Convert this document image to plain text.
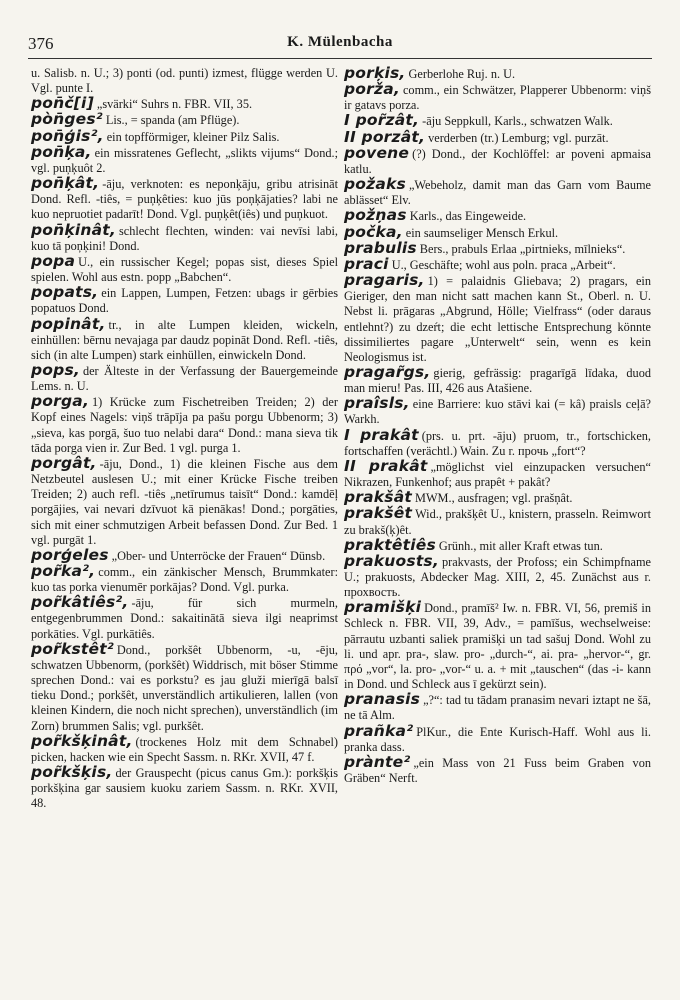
376	K. Mülenbacha
u. Salisb. n. U.; 3) ponti (od. punti) izmest, flügge werden U. Vgl. punte I.
pon̄č[i] „svärki“ Suhrs n. FBR. VII, 35.
pòn̄ges² Lis., = spanda (am Pflüge).
pon̄ģis², ein topfförmiger, kleiner Pilz Salis.
pon̄ķa, ein missratenes Geflecht, „slikts vijums“ Dond.; vgl. puņķuôt 2.
pon̄ķât, -āju, verknoten: es neponķāju, gribu atrisināt Dond. Refl. -tiês, = puņķêties: kuo jūs poņķājaties? labi ne kuo nepruotiet padarīt! Dond. Vgl. puņķêt(iês) und puņkuot.
pon̄ķinât, schlecht flechten, winden: vai nevīsi labi, kuo tā poņķini! Dond.
popa U., ein russischer Kegel; popas sist, dieses Spiel spielen. Wohl aus estn. popp „Babchen“.
popats, ein Lappen, Lumpen, Fetzen: ubags ir gērbies popatuos Dond.
popinât, tr., in alte Lumpen kleiden, wickeln, einhüllen: bērnu nevajaga par daudz popināt Dond. Refl. -tiês, sich (in alte Lumpen) stark einhüllen, einwickeln Dond.
pops, der Älteste in der Verfassung der Bauergemeinde Lems. n. U.
porga, 1) Krücke zum Fischetreiben Treiden; 2) der Kopf eines Nagels: viņš trāpīja pa pašu porgu Ubbenorm; 3) „sieva, kas porgā, šuo tuo nelabi dara“ Dond.: mana sieva tik tāda porga vien ir. Zur Bed. 1 vgl. purga 1.
porgât, -āju, Dond., 1) die kleinen Fische aus dem Netzbeutel auslesen U.; mit einer Krücke Fische treiben Treiden; 2) auch refl. -tiês „netīrumus taisīt“ Dond.: kamdēļ porgājies, vai nevari dzīvuot kā pienākas! Dond.; porgāties, sich mit einer schmutzigen Arbeit befassen Dond. Zur Bed. 1 vgl. purgāt 1.
porģeles „Ober- und Unterröcke der Frauen“ Dünsb.
por̃ka², comm., ein zänkischer Mensch, Brummkater: kuo tas porka vienumēr porkājas? Dond. Vgl. purka.
por̃kâtiês², -āju, für sich murmeln, entgegenbrummen Dond.: sakaitinātā sieva ilgi neaprimst porkāties. Vgl. purkātiês.
por̃kstêt² Dond., porkšêt Ubbenorm, -u, -ēju, schwatzen Ubbenorm, (porkšêt) Widdrisch, mit böser Stimme sprechen Dond.: vai es porkstu? es jau gluži mierīgā balsī tieku Dond.; porkšêt, unverständlich artikulieren, lallen (von kleinen Kindern, die noch nicht sprechen), unverständlich (im Zorn) brummen Salis; vgl. purkšêt.
por̃kšķinât, (trockenes Holz mit dem Schnabel) picken, hacken wie ein Specht Sassm. n. RKr. XVII, 47 f.
por̃kšķis, der Grauspecht (picus canus Gm.): porkšķis porkšķina gar sausiem kuoku zariem Sassm. n. RKr. XVII, 48.
porķis, Gerberlohe Ruj. n. U.
porža, comm., ein Schwätzer, Plapperer Ubbenorm: viņš ir gatavs porza.
I por̃zât, -āju Seppkull, Karls., schwatzen Walk.
II porzât, verderben (tr.) Lemburg; vgl. purzāt.
povene (?) Dond., der Kochlöffel: ar poveni apmaisa katlu.
požaks „Webeholz, damit man das Garn vom Baume ablässet“ Elv.
požņas Karls., das Eingeweide.
počka, ein saumseliger Mensch Erkul.
prabulis Bers., prabuls Erlaa „pirtnieks, mīlnieks“.
praci U., Geschäfte; wohl aus poln. praca „Arbeit“.
pragaris, 1) = palaidnis Gliebava; 2) pragars, ein Gieriger, den man nicht satt machen kann St., Oberl. n. U. Nebst li. prāgaras „Abgrund, Hölle; Vielfrass“ (oder daraus entlehnt?) zu dzeŕt; die echt lettische Entsprechung könnte dissimiliertes pagare „Unterwelt“ sein, wenn es kein Neologismus ist.
pragar̃gs, gierig, gefrässig: pragarīgā līdaka, duod man mieru! Pas. III, 426 aus Atašiene.
praîsls, eine Barriere: kuo stāvi kai (= kâ) praisls ceļā? Warkh.
I prakât (prs. u. prt. -āju) pruom, tr., fortschicken, fortschaffen (verächtl.) Wain. Zu r. прочь „fort“?
II prakât „möglichst viel einzupacken versuchen“ Nikrazen, Funkenhof; aus prapêt + pakât?
prakšât MWM., ausfragen; vgl. prašņât.
prakšêt Wid., prakšķêt U., knistern, prasseln. Reimwort zu brakš(ķ)êt.
praktêtiês Grünh., mit aller Kraft etwas tun.
prakuosts, prakvasts, der Profoss; ein Schimpfname U.; prakuosts, Abdecker Mag. XIII, 2, 45. Zunächst aus r. прохвость.
pramišķi Dond., pramīš² Iw. n. FBR. VI, 56, premiš in Schleck n. FBR. VII, 39, Adv., = pamīšus, wechselweise: pārrautu uzbanti saliek pramišķi un tad sašuj Dond. Wohl zu li. und apr. pra-, slaw. pro- „durch-“, ai. pra- „hervor-“, gr. πρό „vor“, la. pro- „vor-“ u. a. + mit „tauschen“ (das -i- kann in Dond. und Schleck aus ī gekürzt sein).
pranasis „?“: tad tu tādam pranasim nevari iztapt ne šā, ne tā Alm.
prañka² PlKur., die Ente Kurisch-Haff. Wohl aus li. pranka dass.
prànte² „ein Mass von 21 Fuss beim Graben von Gräben“ Nerft.
